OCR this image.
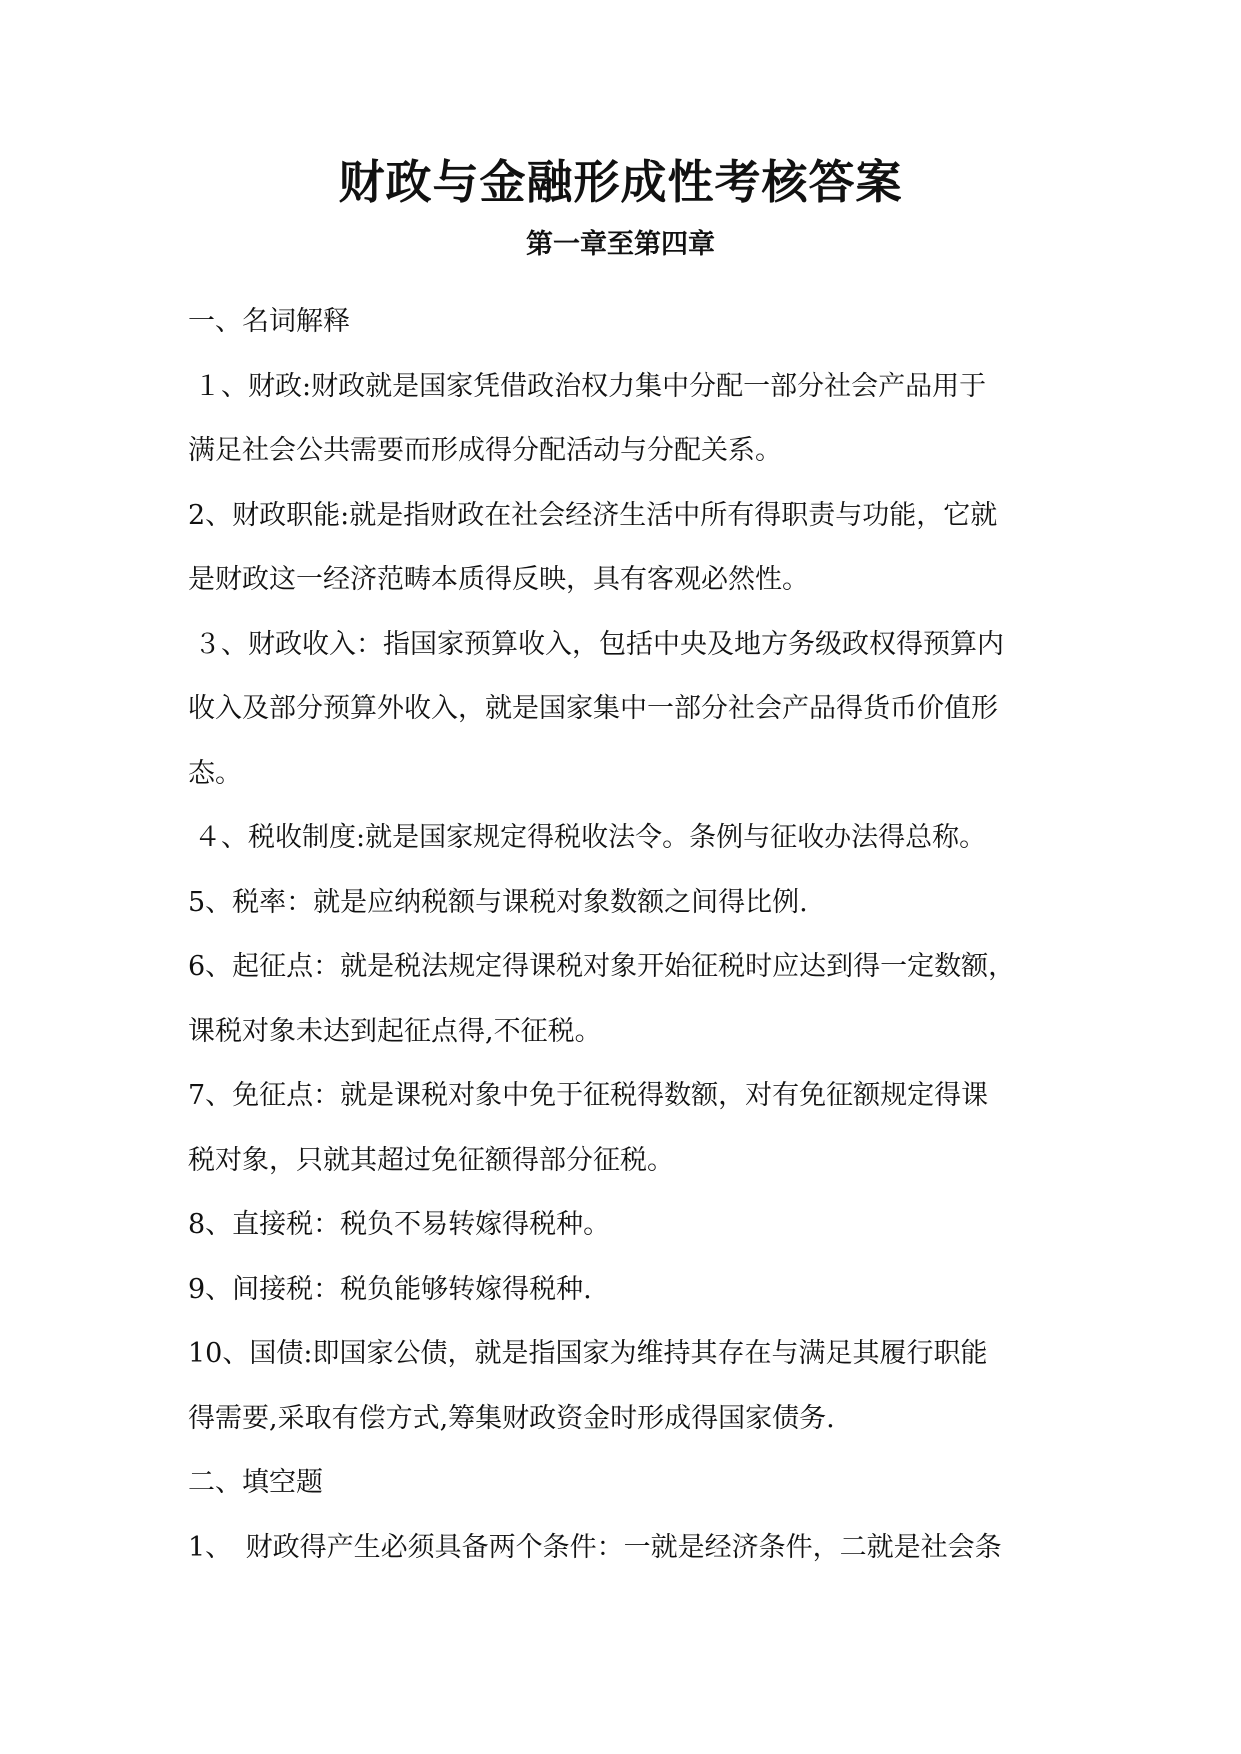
财政与金融形成性考核答案
第一章至第四章
一、名词解释
１、财政:财政就是国家凭借政治权力集中分配一部分社会产品用于
满足社会公共需要而形成得分配活动与分配关系。
2、财政职能:就是指财政在社会经济生活中所有得职责与功能，它就
是财政这一经济范畴本质得反映，具有客观必然性。
３、财政收入：指国家预算收入，包括中央及地方务级政权得预算内
收入及部分预算外收入，就是国家集中一部分社会产品得货币价值形
态。
４、税收制度:就是国家规定得税收法令。条例与征收办法得总称。
5、税率：就是应纳税额与课税对象数额之间得比例.
6、起征点：就是税法规定得课税对象开始征税时应达到得一定数额，
课税对象未达到起征点得,不征税。
7、免征点：就是课税对象中免于征税得数额，对有免征额规定得课
税对象，只就其超过免征额得部分征税。
8、直接税：税负不易转嫁得税种。
9、间接税：税负能够转嫁得税种.
10、国债:即国家公债，就是指国家为维持其存在与满足其履行职能
得需要,采取有偿方式,筹集财政资金时形成得国家债务.
二、填空题
1、　财政得产生必须具备两个条件：一就是经济条件，二就是社会条
